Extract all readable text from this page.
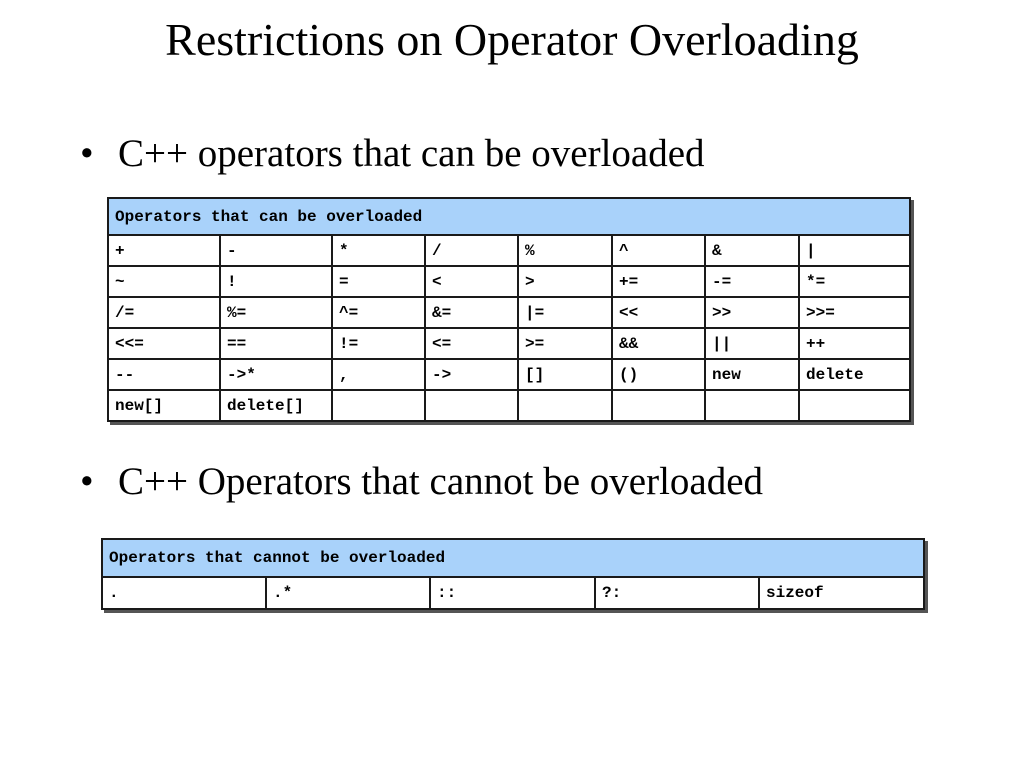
Restrictions on Operator Overloading
• C++ operators that can be overloaded
Operators that can be overloaded							
+	-	*	/	%	^	&	|
~	!	=	<	>	+=	-=	*=
/=	%=	^=	&=	|=	<<	>>	>>=
<<=	==	!=	<=	>=	&&	||	++
--	->*	,	->	[]	()	new	delete
new[]	delete[]						
• C++ Operators that cannot be overloaded
Operators that cannot be overloaded
.	.*	::	?:	sizeof
